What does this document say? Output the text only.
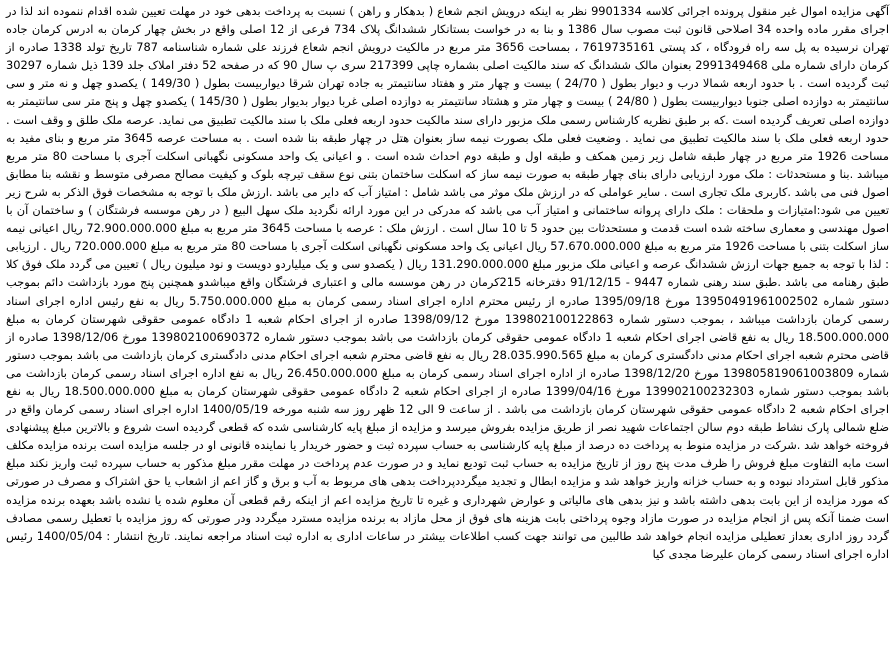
آگهی مزایده اموال غیر منقول پرونده اجرائی کلاسه 9901334 نظر به اینکه درویش انجم شعاع ( بدهکار و راهن ) نسبت به پرداخت بدهی خود در مهلت تعیین شده اقدام ننموده اند لذا در اجرای مقرر ماده واحده 34 اصلاحی قانون ثبت مصوب سال 1386 و بنا به در خواست بستانکار ششدانگ پلاک 734 فرعی از 12 اصلی واقع در بخش چهار کرمان به ادرس کرمان جاده تهران نرسیده به پل سه راه فرودگاه ، کد پستی 7619735161 ، بمساحت 3656 متر مربع در مالکیت درویش انجم شعاع فرزند علی شماره شناسنامه 787 تاریخ تولد 1338 صادره از کرمان دارای شماره ملی 2991349468 بعنوان مالک ششدانگ که سند مالکیت اصلی بشماره چاپی 217399 سری پ سال 90 که در صفحه 52 دفتر املاک جلد 139 ذیل شماره 30297 ثبت گردیده است . با حدود اربعه شمالا درب و دیوار بطول ( 24/70 ) بیست و چهار متر و هفتاد سانتیمتر به جاده تهران شرقا دیواربیست بطول ( 149/30 ) یکصدو چهل و نه متر و سی سانتیمتر به دوازده اصلی جنوبا دیواربیست بطول ( 24/80 ) بیست و چهار متر و هشتاد سانتیمتر به دوازده اصلی غربا دیوار بدیوار بطول ( 145/30 ) یکصدو چهل و پنج متر سی سانتیمتر به دوازده اصلی تعریف گردیده است .که بر طبق نظریه کارشناس رسمی ملک مزبور دارای سند مالکیت حدود اربعه فعلی ملک با سند مالکیت تطبیق می نماید. عرصه ملک طلق و وقف است . حدود اربعه فعلی ملک با سند مالکیت تطبیق می نماید . وضعیت فعلی ملک بصورت نیمه ساز بعنوان هتل در چهار طبقه بنا شده است . به مساحت عرصه 3645 متر مربع و بنای مفید به مساحت 1926 متر مربع در چهار طبقه شامل زیر زمین همکف و طبقه اول و طبقه دوم احداث شده است . و اعیانی یک واحد مسکونی نگهبانی اسکلت آجری با مساحت 80 متر مربع میباشد .بنا و مستحدثات : ملک مورد ارزیابی دارای بنای چهار طبقه به صورت نیمه ساز که اسکلت ساختمان بتنی نوع سقف تیرچه بلوک و کیفیت مصالح مصرفی متوسط و نقشه بنا مطابق اصول فنی می باشد .کاربری ملک تجاری است . سایر عواملی که در ارزش ملک موثر می باشد شامل : امتیاز آب که دایر می باشد .ارزش ملک با توجه به مشخصات فوق الذکر به شرح زیر تعیین می شود:امتیازات و ملحقات : ملک دارای پروانه ساختمانی و امتیاز آب می باشد که مدرکی در این مورد ارائه نگردید ملک سهل البیع ( در رهن موسسه فرشتگان ) و ساختمان آن با اصول مهندسی و معماری ساخته شده است قدمت و مستحدثات بین حدود 5 تا 10 سال است . ارزش ملک : عرصه با مساحت 3645 متر مربع به مبلغ 72.900.000.000 ریال اعیانی نیمه ساز اسکلت بتنی با مساحت 1926 متر مربع به مبلغ 57.670.000.000 ریال اعیانی یک واحد مسکونی نگهبانی اسکلت آجری با مساحت 80 متر مربع به مبلغ 720.000.000 ریال . ارزیابی : لذا با توجه به جمیع جهات ارزش ششدانگ عرصه و اعیانی ملک مزبور مبلغ 131.290.000.000 ریال ( یکصدو سی و یک میلیاردو دویست و نود میلیون ریال ) تعیین می گردد ملک فوق کلا طبق رهنامه می باشد .طبق سند رهنی شماره 9447 - 91/12/15 دفترخانه 215کرمان در رهن موسسه مالی و اعتباری فرشتگان واقع میباشدو همچنین پنج مورد بازداشت دائم بموجب دستور شماره 13950491961002502 مورخ 1395/09/18 صادره از رئیس محترم اداره اجرای اسناد رسمی کرمان به مبلغ 5.750.000.000 ریال به نفع رئیس اداره اجرای اسناد رسمی کرمان بازداشت میباشد ، بموجب دستور شماره 139802100122863 مورخ 1398/09/12 صادره از اجرای احکام شعبه 1 دادگاه عمومی حقوقی شهرستان کرمان به مبلغ 18.500.000.000 ریال به نفع قاضی اجرای احکام شعبه 1 دادگاه عمومی حقوقی کرمان بازداشت می باشد بموجب دستور شماره 139802100690372 مورخ 1398/12/06 صادره از قاضی محترم شعبه اجرای احکام مدنی دادگستری کرمان به مبلغ 28.035.990.565 ریال به نفع قاضی محترم شعبه اجرای احکام مدنی دادگستری کرمان بازداشت می باشد بموجب دستور شماره 139805819061003809 مورخ 1398/12/20 صادره از اداره اجرای اسناد رسمی کرمان به مبلغ 26.450.000.000 ریال به نفع اداره اجرای اسناد رسمی کرمان بازداشت می باشد بموجب دستور شماره 139902100232303 مورخ 1399/04/16 صادره از اجرای احکام شعبه 2 دادگاه عمومی حقوقی شهرستان کرمان به مبلغ 18.500.000.000 ریال به نفع اجرای احکام شعبه 2 دادگاه عمومی حقوقی شهرستان کرمان بازداشت می باشد . از ساعت 9 الی 12 ظهر روز سه شنبه مورخه 1400/05/19 اداره اجرای اسناد رسمی کرمان واقع در ضلع شمالی پارک نشاط طبقه دوم سالن اجتماعات شهید نصر از طریق مزایده بفروش میرسد و مزایده از مبلغ پایه کارشناسی شده که قطعی گردیده است شروع و بالاترین مبلغ پیشنهادی فروخته خواهد شد .شرکت در مزایده منوط به پرداخت ده درصد از مبلغ پایه کارشناسی به حساب سپرده ثبت و حضور خریدار یا نماینده قانونی او در جلسه مزایده است برنده مزایده مکلف است مابه التفاوت مبلغ فروش را ظرف مدت پنج روز از تاریخ مزایده به حساب ثبت تودیع نماید و در صورت عدم پرداخت در مهلت مقرر مبلغ مذکور به حساب سپرده ثبت واریز نکند مبلغ مذکور قابل استرداد نبوده و به حساب خزانه واریز خواهد شد و مزایده ابطال و تجدید میگرددپرداخت بدهی های مربوط به آب و برق و گاز اعم از اشعاب یا حق اشتراک و مصرف در صورتی که مورد مزایده از این بابت بدهی داشته باشد و نیز بدهی های مالیاتی و عوارض شهرداری و غیره تا تاریخ مزایده اعم از اینکه رقم قطعی آن معلوم شده یا نشده باشد بعهده برنده مزایده است ضمنا آنکه پس از انجام مزایده در صورت مازاد وجوه پرداختی بابت هزینه های فوق از محل مازاد به برنده مزایده مسترد میگردد ودر صورتی که روز مزایده با تعطیل رسمی مصادف گردد روز اداری بعداز تعطیلی مزایده انجام خواهد شد طالبین می توانند جهت کسب اطلاعات بیشتر در ساعات اداری به اداره ثبت اسناد مراجعه نمایند. تاریخ انتشار : 1400/05/04 رئیس اداره اجرای اسناد رسمی کرمان علیرضا مجدی کیا
